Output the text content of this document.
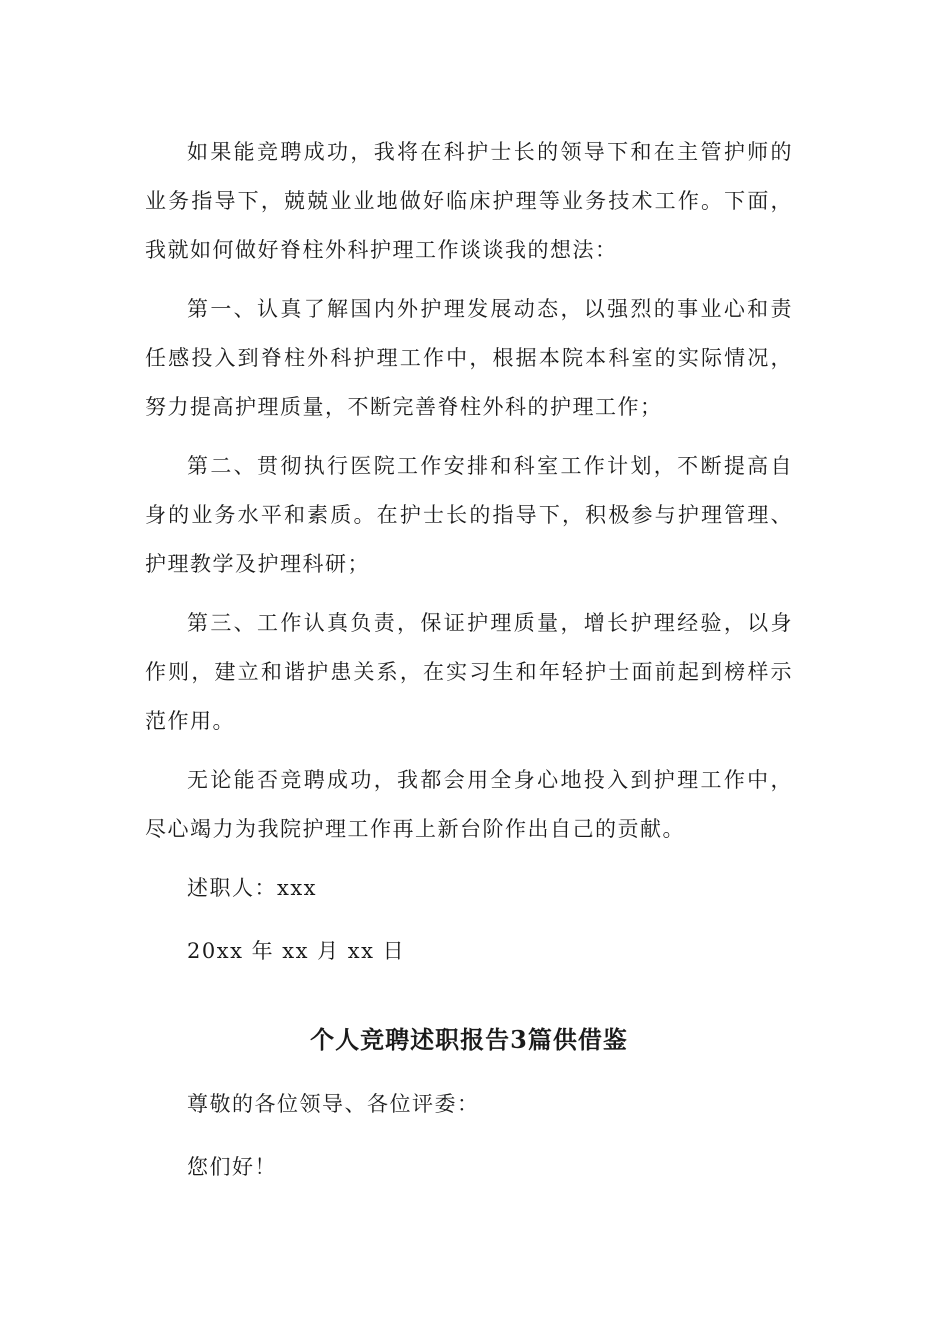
如果能竞聘成功，我将在科护士长的领导下和在主管护师的业务指导下，兢兢业业地做好临床护理等业务技术工作。下面，我就如何做好脊柱外科护理工作谈谈我的想法：

第一、认真了解国内外护理发展动态，以强烈的事业心和责任感投入到脊柱外科护理工作中，根据本院本科室的实际情况，努力提高护理质量，不断完善脊柱外科的护理工作；

第二、贯彻执行医院工作安排和科室工作计划，不断提高自身的业务水平和素质。在护士长的指导下，积极参与护理管理、护理教学及护理科研；

第三、工作认真负责，保证护理质量，增长护理经验，以身作则，建立和谐护患关系，在实习生和年轻护士面前起到榜样示范作用。

无论能否竞聘成功，我都会用全身心地投入到护理工作中，尽心竭力为我院护理工作再上新台阶作出自己的贡献。

述职人：xxx

20xx 年 xx 月 xx 日

个人竞聘述职报告3篇供借鉴

尊敬的各位领导、各位评委：

您们好！
